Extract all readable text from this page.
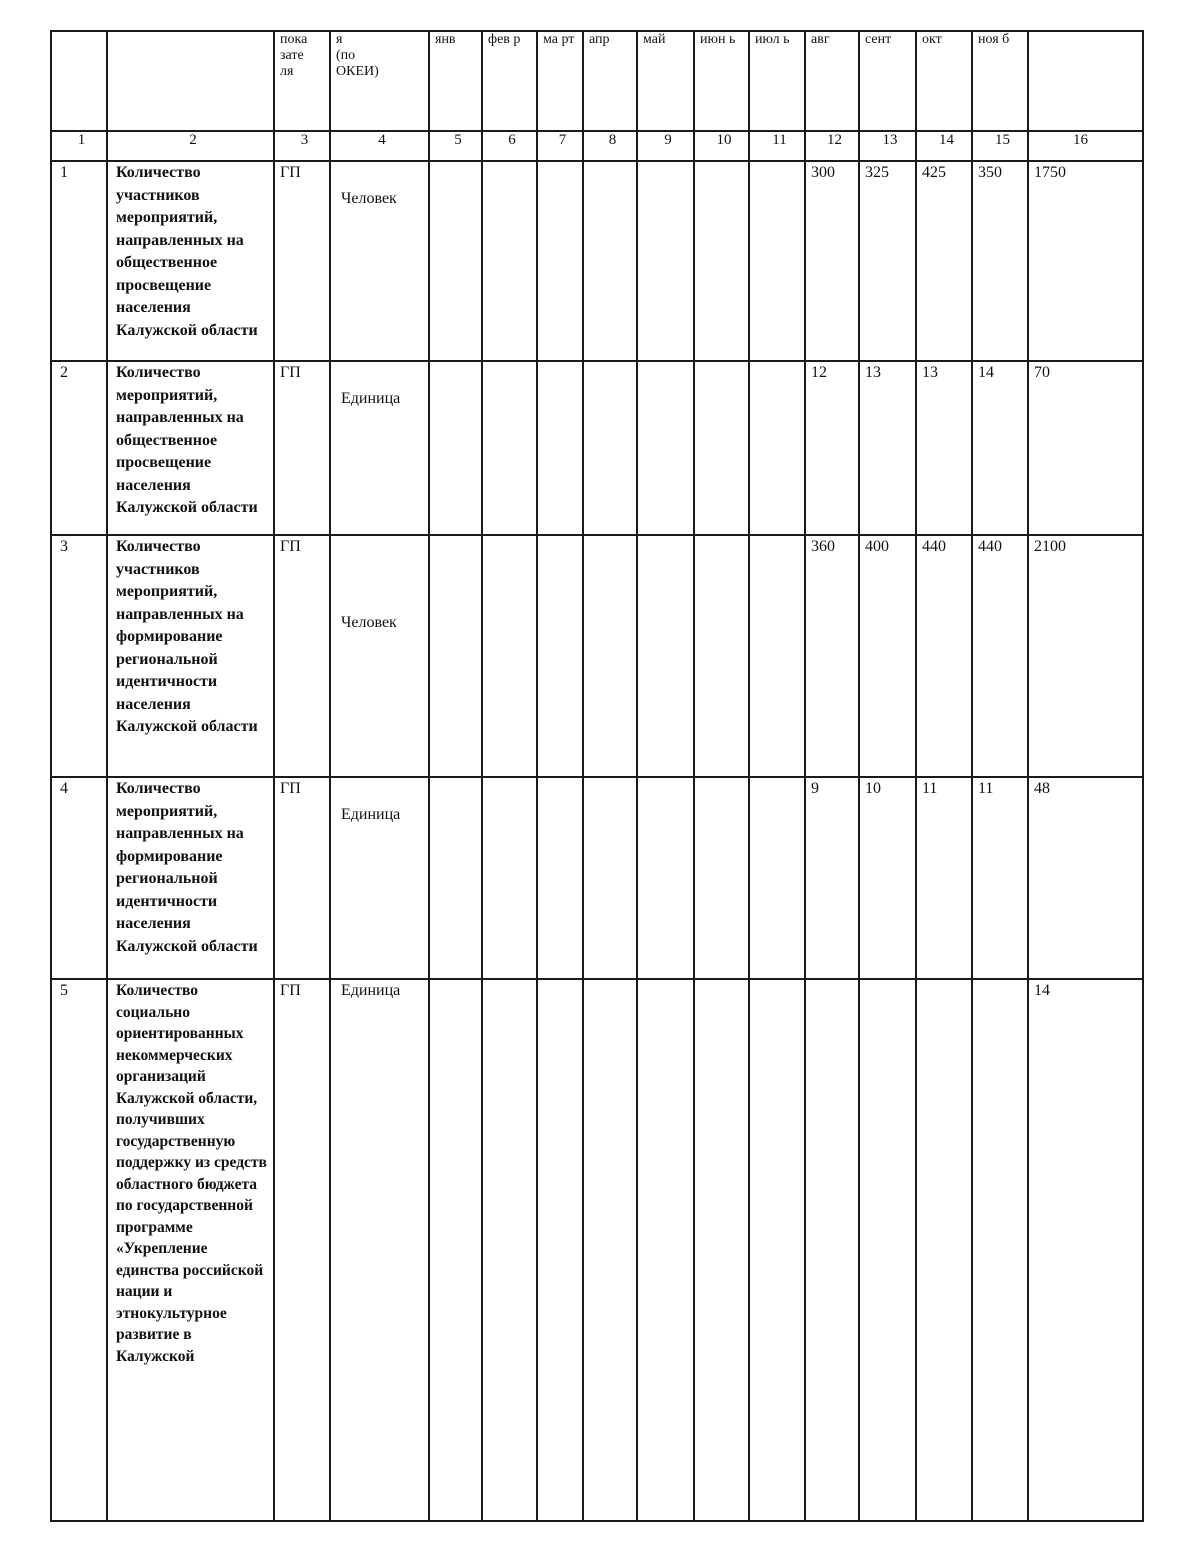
		пока
зате
ля	я
(по
ОКЕИ)	янв	фев р	ма рт	апр	май	июн ь	июл ь	авг	сент	окт	ноя б	
1	2	3	4	5	6	7	8	9	10	11	12	13	14	15	16
1	Количество участников мероприятий, направленных на общественное просвещение населения Калужской области	ГП	Человек								300	325	425	350	1750
2	Количество мероприятий, направленных на общественное просвещение населения Калужской области	ГП	Единица								12	13	13	14	70
3	Количество участников мероприятий, направленных на формирование региональной идентичности населения Калужской области	ГП	Человек								360	400	440	440	2100
4	Количество мероприятий, направленных на формирование региональной идентичности населения Калужской области	ГП	Единица								9	10	11	11	48
5	Количество социально ориентированных некоммерческих организаций Калужской области, получивших государственную поддержку из средств областного бюджета по государственной программе «Укрепление единства российской нации и этнокультурное развитие в Калужской	ГП	Единица												14
